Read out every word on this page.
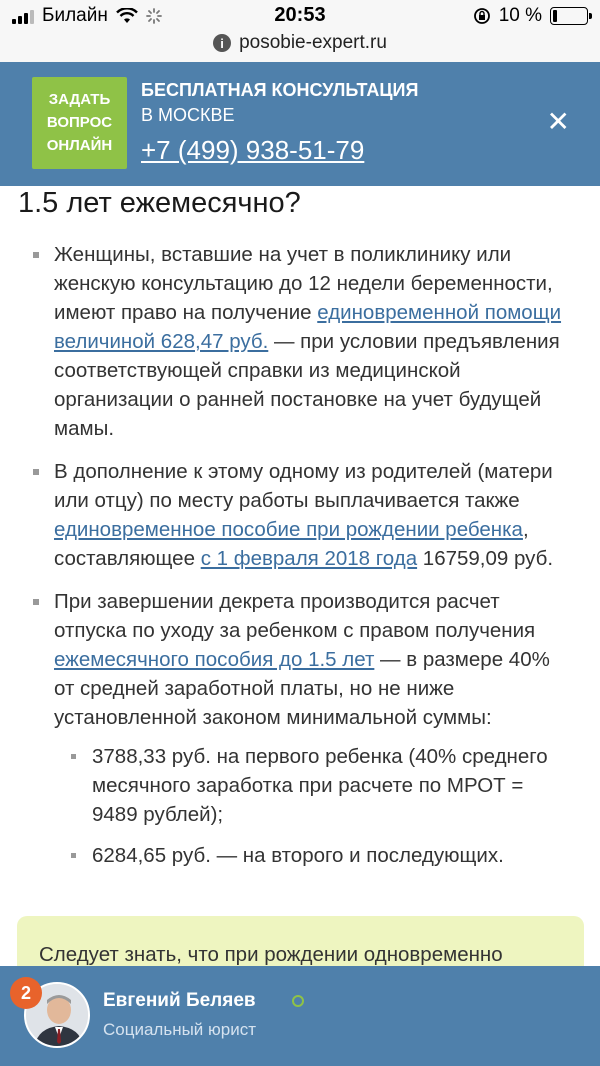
Билайн	20:53	10 %
i posobie-expert.ru
ЗАДАТЬ
ВОПРОС
ОНЛАЙН
БЕСПЛАТНАЯ КОНСУЛЬТАЦИЯ
В МОСКВЕ
+7 (499) 938-51-79
✕
1.5 лет ежемесячно?
Женщины, вставшие на учет в поликлинику или женскую консультацию до 12 недели беременности, имеют право на получение единовременной помощи величиной 628,47 руб. — при условии предъявления соответствующей справки из медицинской организации о ранней постановке на учет будущей мамы.
В дополнение к этому одному из родителей (матери или отцу) по месту работы выплачивается также единовременное пособие при рождении ребенка, составляющее с 1 февраля 2018 года 16759,09 руб.
При завершении декрета производится расчет отпуска по уходу за ребенком с правом получения ежемесячного пособия до 1.5 лет — в размере 40% от средней заработной платы, но не ниже установленной законом минимальной суммы:
3788,33 руб. на первого ребенка (40% среднего месячного заработка при расчете по МРОТ = 9489 рублей);
6284,65 руб. — на второго и последующих.
Следует знать, что при рождении одновременно
2	Евгений Беляев
Социальный юрист
